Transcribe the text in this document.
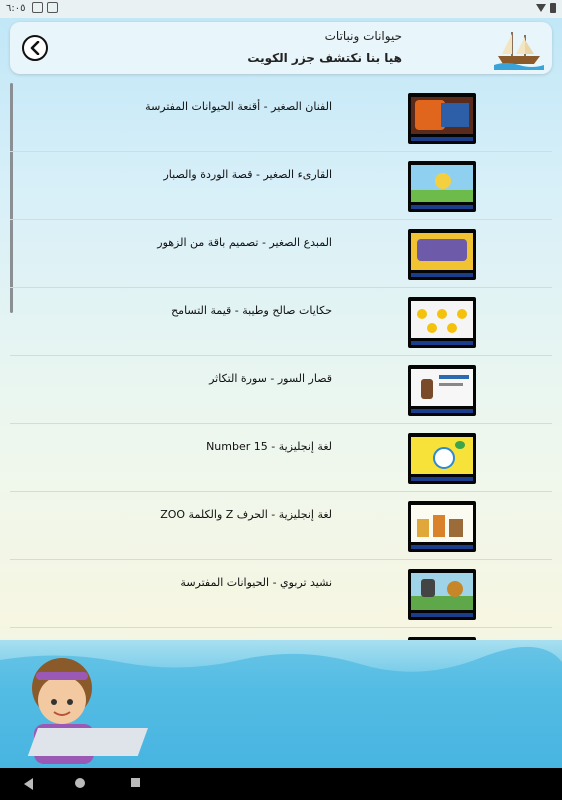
٦:٠٥
حيوانات ونباتات
هيا بنا نكتشف جزر الكويت
الفنان الصغير - أقنعة الحيوانات المفترسة
القارىء الصغير - قصة الوردة والصبار
المبدع الصغير - تصميم باقة من الزهور
حكايات صالح وطيبة - قيمة التسامح
قصار السور - سورة التكاثر
لغة إنجليزية - Number 15
لغة إنجليزية - الحرف Z والكلمة ZOO
نشيد تربوي - الحيوانات المفترسة
